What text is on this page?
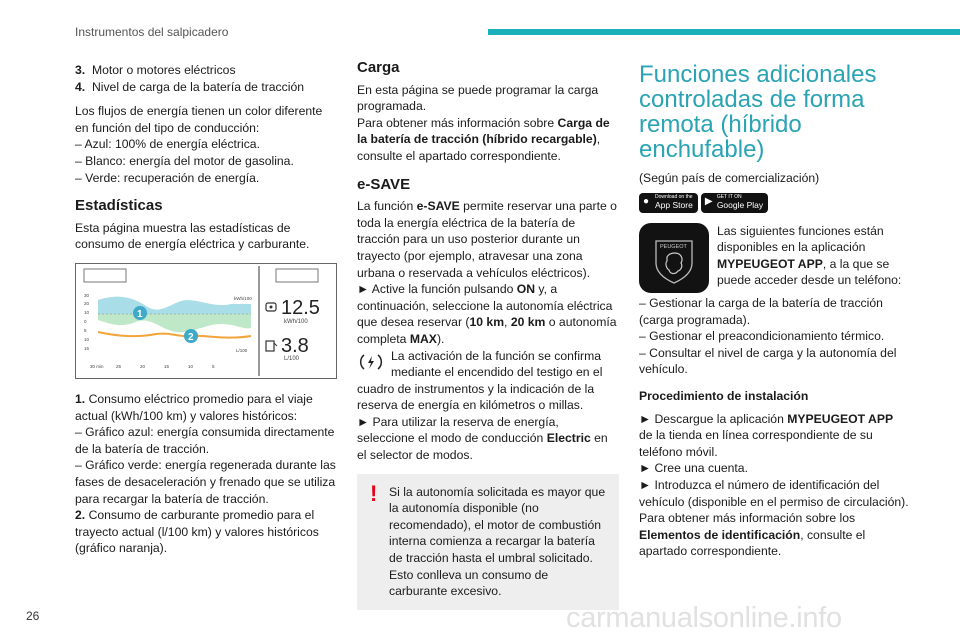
Instrumentos del salpicadero

3. Motor o motores eléctricos
4. Nivel de carga de la batería de tracción

Los flujos de energía tienen un color diferente en función del tipo de conducción:
– Azul: 100% de energía eléctrica.
– Blanco: energía del motor de gasolina.
– Verde: recuperación de energía.

Estadísticas

Esta página muestra las estadísticas de consumo de energía eléctrica y carburante.

30
20
10
0
5
10
15
30 min	25	20	15	10	5
kWh/100
L/100
1
2
12.5
kWh/100
3.8
L/100

1. Consumo eléctrico promedio para el viaje actual (kWh/100 km) y valores históricos:
– Gráfico azul: energía consumida directamente de la batería de tracción.
– Gráfico verde: energía regenerada durante las fases de desaceleración y frenado que se utiliza para recargar la batería de tracción.
2. Consumo de carburante promedio para el trayecto actual (l/100 km) y valores históricos (gráfico naranja).

Carga

En esta página se puede programar la carga programada.
Para obtener más información sobre Carga de la batería de tracción (híbrido recargable), consulte el apartado correspondiente.

e-SAVE

La función e-SAVE permite reservar una parte o toda la energía eléctrica de la batería de tracción para un uso posterior durante un trayecto (por ejemplo, atravesar una zona urbana o reservada a vehículos eléctricos).
► Active la función pulsando ON y, a continuación, seleccione la autonomía eléctrica que desea reservar (10 km, 20 km o autonomía completa MAX).

La activación de la función se confirma mediante el encendido del testigo en el cuadro de instrumentos y la indicación de la reserva de energía en kilómetros o millas.
► Para utilizar la reserva de energía, seleccione el modo de conducción Electric en el selector de modos.

! Si la autonomía solicitada es mayor que la autonomía disponible (no recomendado), el motor de combustión interna comienza a recargar la batería de tracción hasta el umbral solicitado. Esto conlleva un consumo de carburante excesivo.
Funciones adicionales controladas de forma remota (híbrido enchufable)

(Según país de comercialización)

● Download on the
App Store ▶ GET IT ON
Google Play
PEUGEOT

Las siguientes funciones están disponibles en la aplicación MYPEUGEOT APP, a la que se puede acceder desde un teléfono:

– Gestionar la carga de la batería de tracción (carga programada).
– Gestionar el preacondicionamiento térmico.
– Consultar el nivel de carga y la autonomía del vehículo.

Procedimiento de instalación

► Descargue la aplicación MYPEUGEOT APP de la tienda en línea correspondiente de su teléfono móvil.
► Cree una cuenta.
► Introduzca el número de identificación del vehículo (disponible en el permiso de circulación).
Para obtener más información sobre los Elementos de identificación, consulte el apartado correspondiente.

26	carmanualsonline.info
